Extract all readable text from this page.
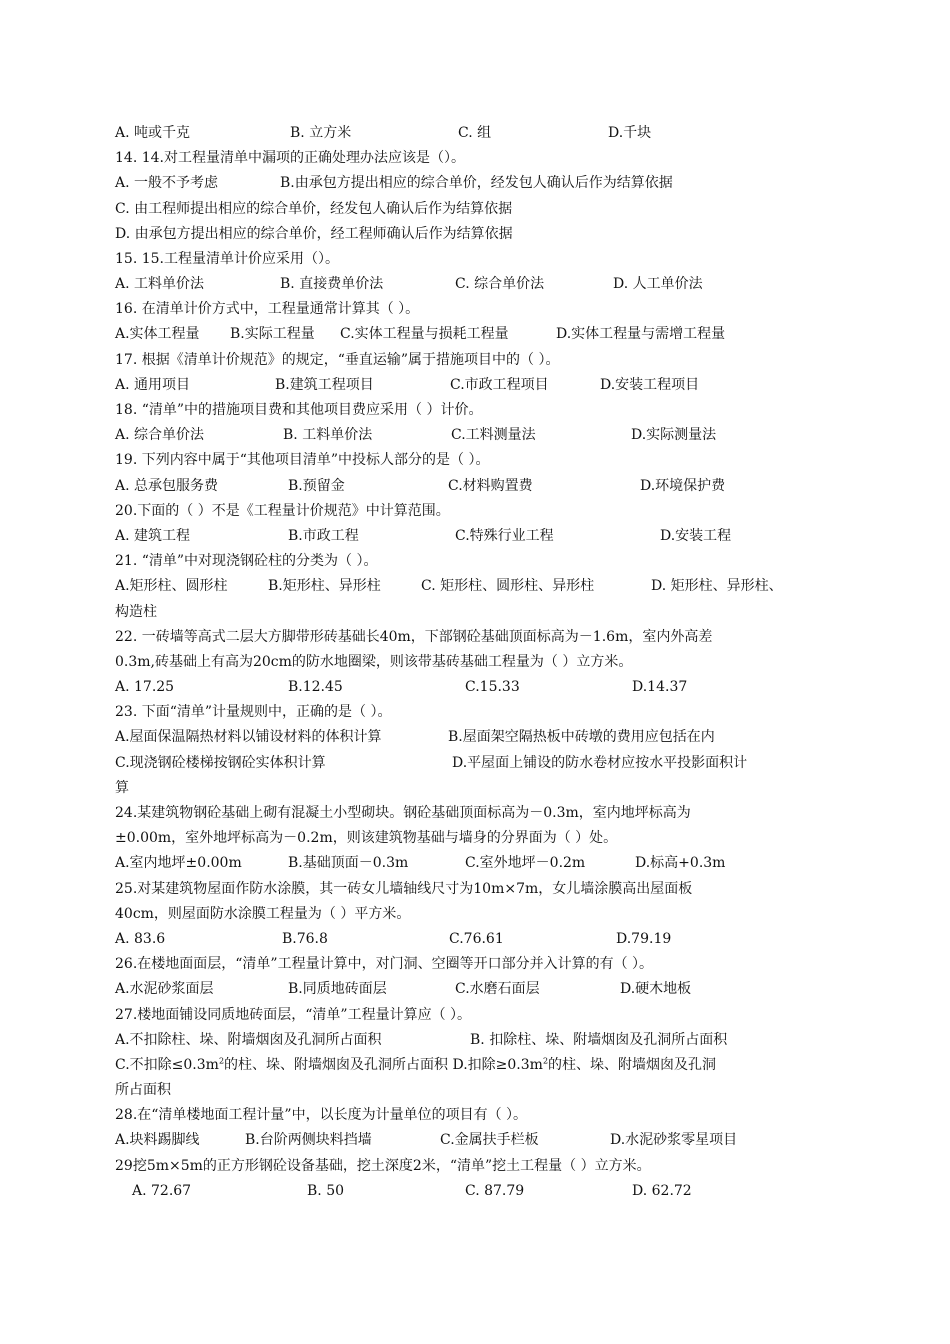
A. 吨或千克	B. 立方米	C. 组	D.千块
14. 14.对工程量清单中漏项的正确处理办法应该是（）。
A. 一般不予考虑	B.由承包方提出相应的综合单价，经发包人确认后作为结算依据
C. 由工程师提出相应的综合单价，经发包人确认后作为结算依据
D. 由承包方提出相应的综合单价，经工程师确认后作为结算依据
15. 15.工程量清单计价应采用（）。
A. 工料单价法	B. 直接费单价法	C. 综合单价法	D. 人工单价法
16. 在清单计价方式中，工程量通常计算其（ ）。
A.实体工程量	B.实际工程量	C.实体工程量与损耗工程量	D.实体工程量与需增工程量
17. 根据《清单计价规范》的规定，“垂直运输”属于措施项目中的（ ）。
A. 通用项目	B.建筑工程项目	C.市政工程项目	D.安装工程项目
18. “清单”中的措施项目费和其他项目费应采用（ ）计价。
A. 综合单价法	B. 工料单价法	C.工料测量法	D.实际测量法
19. 下列内容中属于“其他项目清单”中投标人部分的是（ ）。
A. 总承包服务费	B.预留金	C.材料购置费	D.环境保护费
20.下面的（ ）不是《工程量计价规范》中计算范围。
A. 建筑工程	B.市政工程	C.特殊行业工程	D.安装工程
21. “清单”中对现浇钢砼柱的分类为（ ）。
A.矩形柱、圆形柱	B.矩形柱、异形柱	C. 矩形柱、圆形柱、异形柱	D. 矩形柱、异形柱、
构造柱
22. 一砖墙等高式二层大方脚带形砖基础长40m，下部钢砼基础顶面标高为－1.6m，室内外高差
0.3m,砖基础上有高为20cm的防水地圈梁，则该带基砖基础工程量为（ ）立方米。
A. 17.25	B.12.45	C.15.33	D.14.37
23. 下面“清单”计量规则中，正确的是（ ）。
A.屋面保温隔热材料以铺设材料的体积计算	B.屋面架空隔热板中砖墩的费用应包括在内
C.现浇钢砼楼梯按钢砼实体积计算	D.平屋面上铺设的防水卷材应按水平投影面积计
算
24.某建筑物钢砼基础上砌有混凝土小型砌块。钢砼基础顶面标高为－0.3m，室内地坪标高为
±0.00m，室外地坪标高为－0.2m，则该建筑物基础与墙身的分界面为（ ）处。
A.室内地坪±0.00m	B.基础顶面－0.3m	C.室外地坪－0.2m	D.标高+0.3m
25.对某建筑物屋面作防水涂膜，其一砖女儿墙轴线尺寸为10m×7m，女儿墙涂膜高出屋面板
40cm，则屋面防水涂膜工程量为（ ）平方米。
A. 83.6	B.76.8	C.76.61	D.79.19
26.在楼地面面层，“清单”工程量计算中，对门洞、空圈等开口部分并入计算的有（ ）。
A.水泥砂浆面层	B.同质地砖面层	C.水磨石面层	D.硬木地板
27.楼地面铺设同质地砖面层，“清单”工程量计算应（ ）。
A.不扣除柱、垛、附墙烟囱及孔洞所占面积	B. 扣除柱、垛、附墙烟囱及孔洞所占面积
C.不扣除$\le 0.3m^2$的柱、垛、附墙烟囱及孔洞所占面积 D.扣除$\ge 0.3m^2$的柱、垛、附墙烟囱及孔洞
所占面积
28.在“清单楼地面工程计量”中，以长度为计量单位的项目有（ ）。
A.块料踢脚线	B.台阶两侧块料挡墙	C.金属扶手栏板	D.水泥砂浆零星项目
29挖5m×5m的正方形钢砼设备基础，挖土深度2米，“清单”挖土工程量（ ）立方米。
A. 72.67	B. 50	C. 87.79	D. 62.72
